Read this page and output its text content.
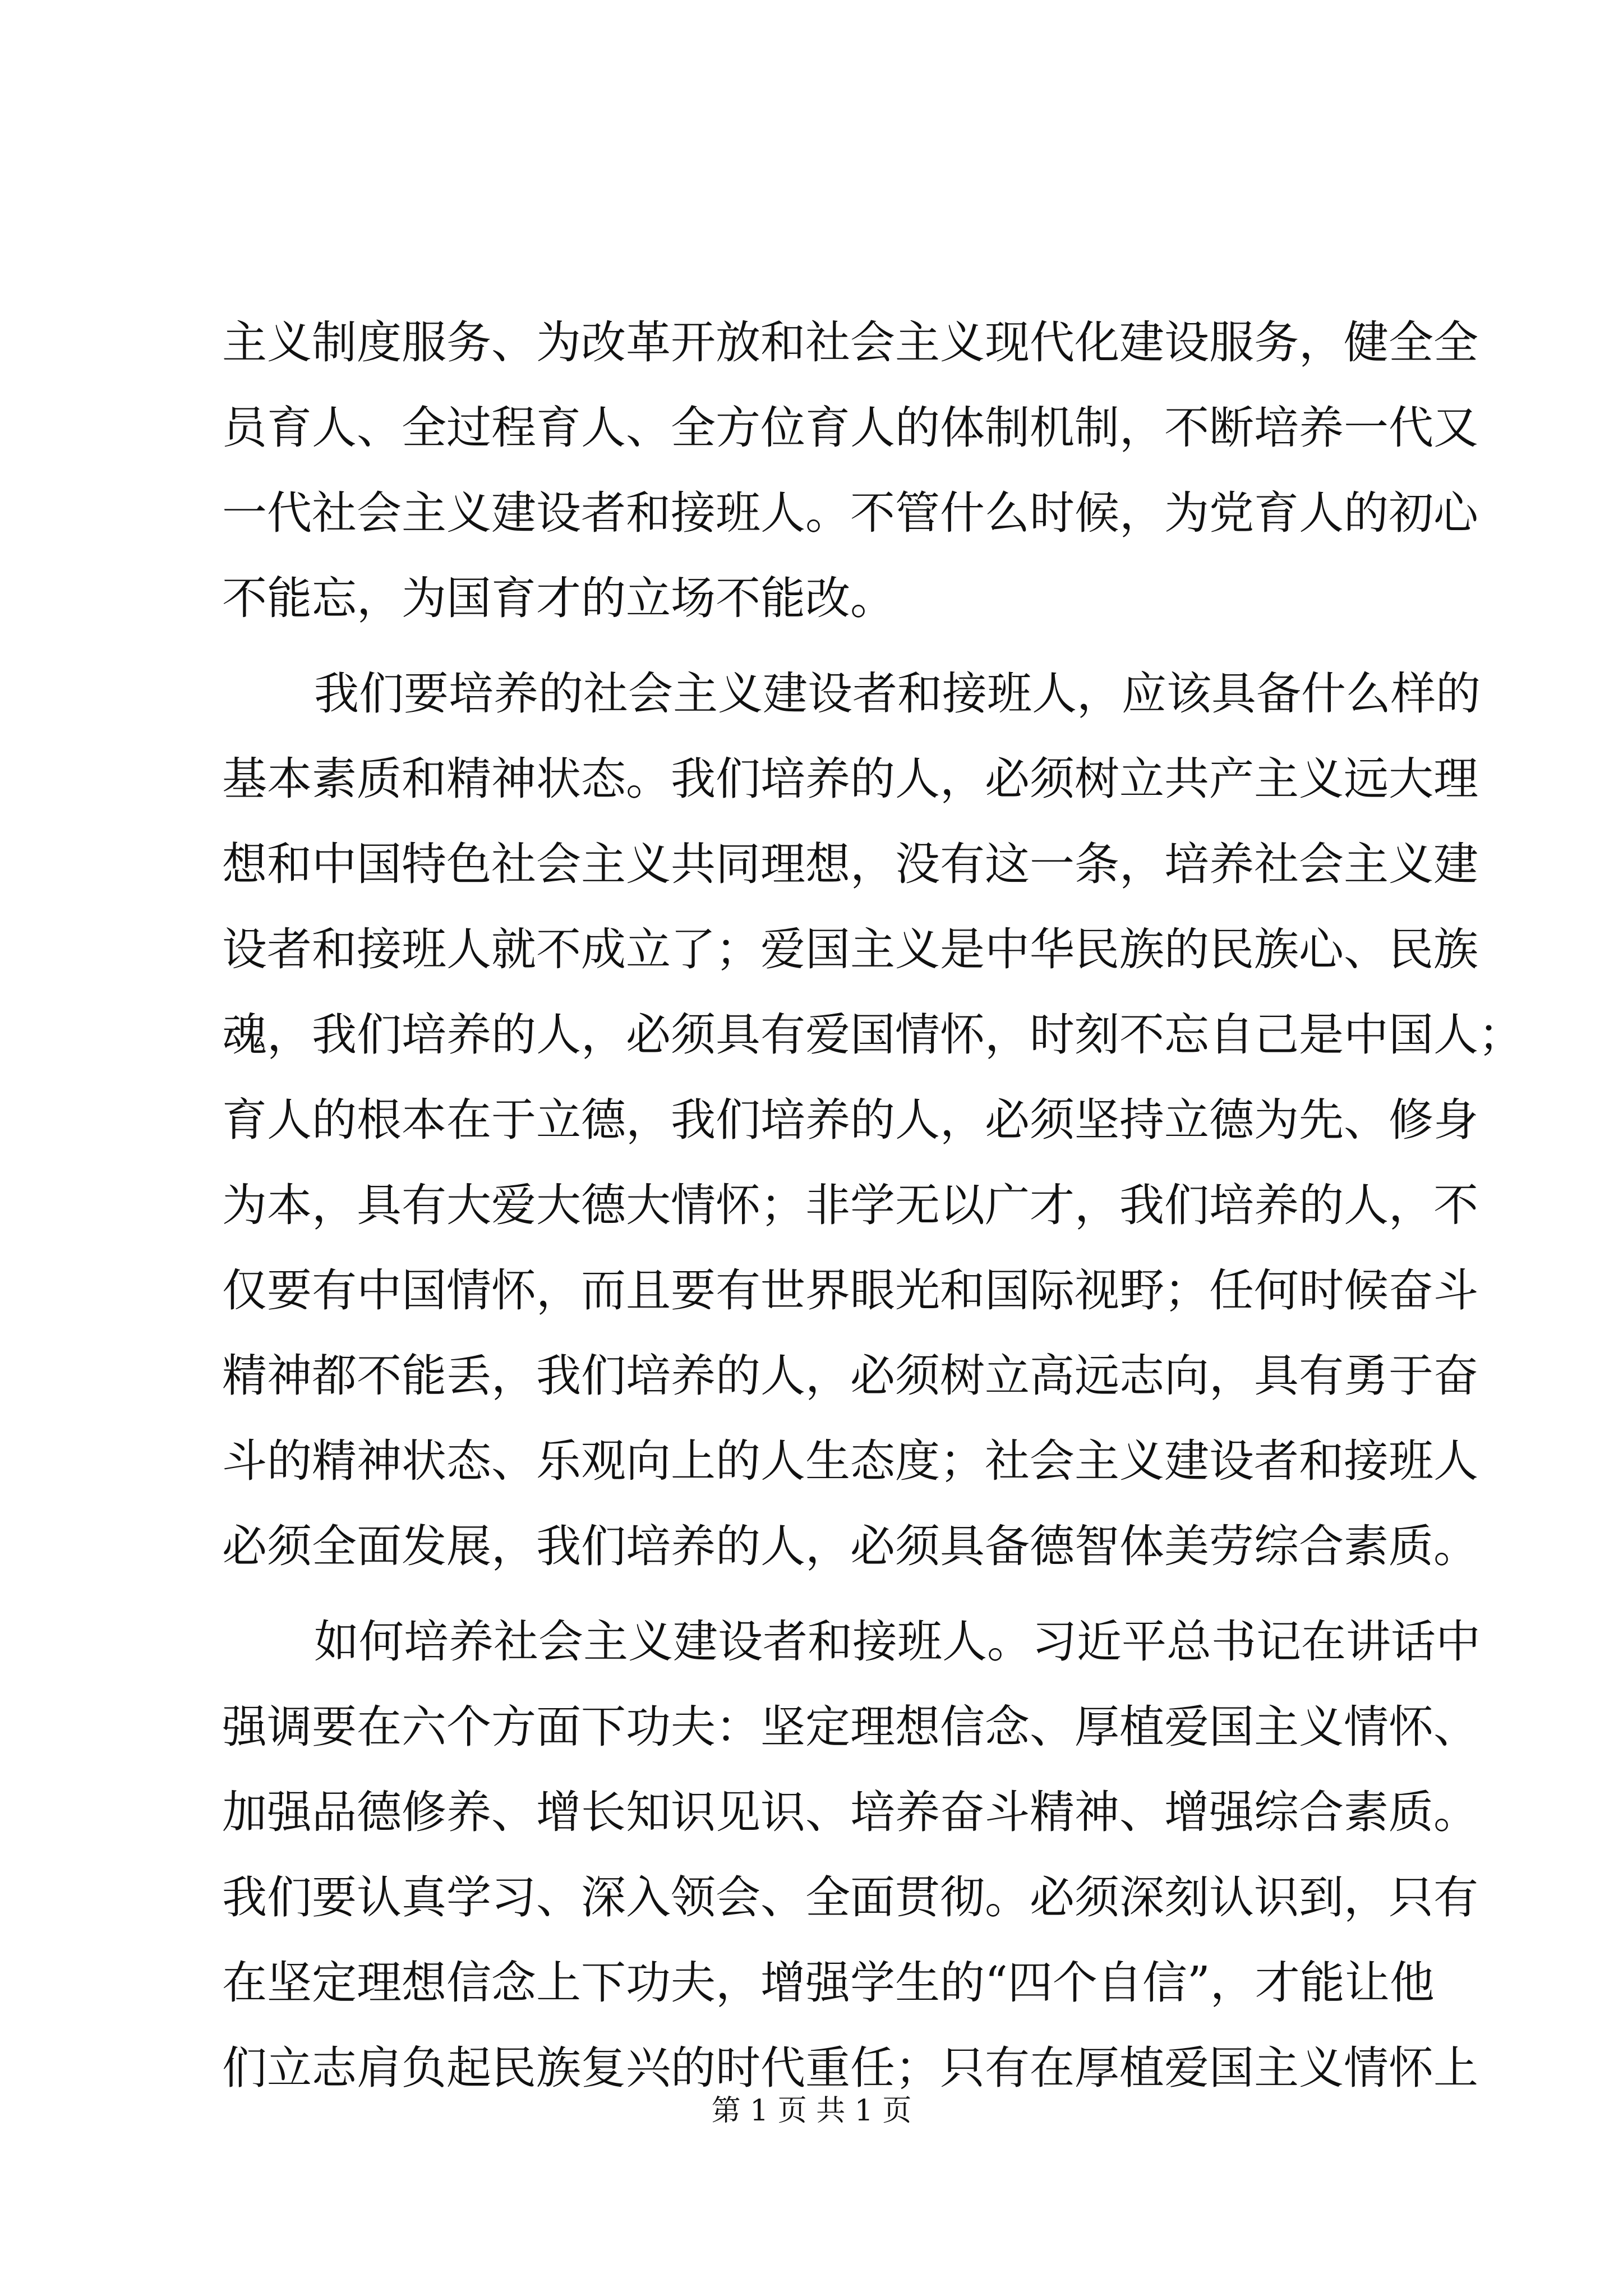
主义制度服务、为改革开放和社会主义现代化建设服务，健全全
员育人、全过程育人、全方位育人的体制机制，不断培养一代又
一代社会主义建设者和接班人。不管什么时候，为党育人的初心
不能忘，为国育才的立场不能改。
我们要培养的社会主义建设者和接班人，应该具备什么样的
基本素质和精神状态。我们培养的人，必须树立共产主义远大理
想和中国特色社会主义共同理想，没有这一条，培养社会主义建
设者和接班人就不成立了；爱国主义是中华民族的民族心、民族
魂，我们培养的人，必须具有爱国情怀，时刻不忘自己是中国人；
育人的根本在于立德，我们培养的人，必须坚持立德为先、修身
为本，具有大爱大德大情怀；非学无以广才，我们培养的人，不
仅要有中国情怀，而且要有世界眼光和国际视野；任何时候奋斗
精神都不能丢，我们培养的人，必须树立高远志向，具有勇于奋
斗的精神状态、乐观向上的人生态度；社会主义建设者和接班人
必须全面发展，我们培养的人，必须具备德智体美劳综合素质。
如何培养社会主义建设者和接班人。习近平总书记在讲话中
强调要在六个方面下功夫：坚定理想信念、厚植爱国主义情怀、
加强品德修养、增长知识见识、培养奋斗精神、增强综合素质。
我们要认真学习、深入领会、全面贯彻。必须深刻认识到，只有
在坚定理想信念上下功夫，增强学生的“四个自信”，才能让他
们立志肩负起民族复兴的时代重任；只有在厚植爱国主义情怀上
第 1 页 共 1 页
